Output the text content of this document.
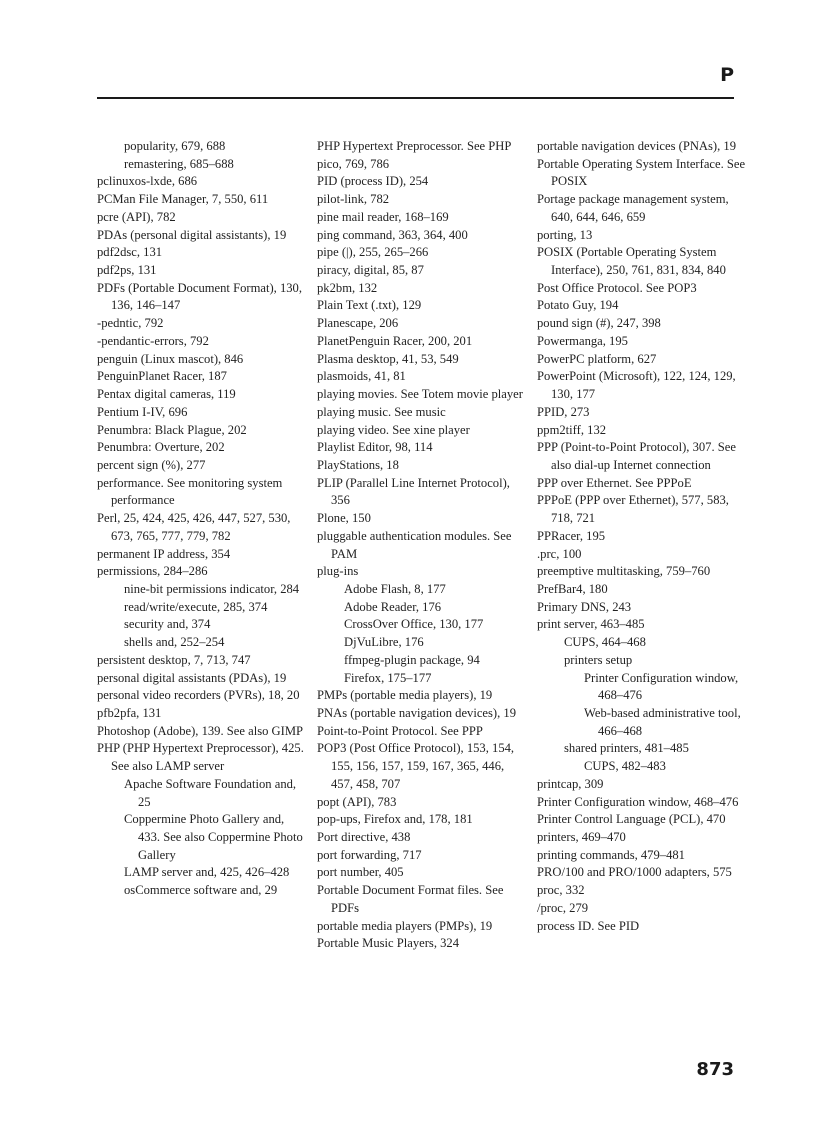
P
popularity, 679, 688
remastering, 685–688
pclinuxos-lxde, 686
PCMan File Manager, 7, 550, 611
pcre (API), 782
PDAs (personal digital assistants), 19
pdf2dsc, 131
pdf2ps, 131
PDFs (Portable Document Format), 130, 136, 146–147
-pedntic, 792
-pendantic-errors, 792
penguin (Linux mascot), 846
PenguinPlanet Racer, 187
Pentax digital cameras, 119
Pentium I-IV, 696
Penumbra: Black Plague, 202
Penumbra: Overture, 202
percent sign (%), 277
performance. See monitoring system performance
Perl, 25, 424, 425, 426, 447, 527, 530, 673, 765, 777, 779, 782
permanent IP address, 354
permissions, 284–286
nine-bit permissions indicator, 284
read/write/execute, 285, 374
security and, 374
shells and, 252–254
persistent desktop, 7, 713, 747
personal digital assistants (PDAs), 19
personal video recorders (PVRs), 18, 20
pfb2pfa, 131
Photoshop (Adobe), 139. See also GIMP
PHP (PHP Hypertext Preprocessor), 425. See also LAMP server
Apache Software Foundation and, 25
Coppermine Photo Gallery and, 433. See also Coppermine Photo Gallery
LAMP server and, 425, 426–428
osCommerce software and, 29
PHP Hypertext Preprocessor. See PHP
pico, 769, 786
PID (process ID), 254
pilot-link, 782
pine mail reader, 168–169
ping command, 363, 364, 400
pipe (|), 255, 265–266
piracy, digital, 85, 87
pk2bm, 132
Plain Text (.txt), 129
Planescape, 206
PlanetPenguin Racer, 200, 201
Plasma desktop, 41, 53, 549
plasmoids, 41, 81
playing movies. See Totem movie player
playing music. See music
playing video. See xine player
Playlist Editor, 98, 114
PlayStations, 18
PLIP (Parallel Line Internet Protocol), 356
Plone, 150
pluggable authentication modules. See PAM
plug-ins
Adobe Flash, 8, 177
Adobe Reader, 176
CrossOver Office, 130, 177
DjVuLibre, 176
ffmpeg-plugin package, 94
Firefox, 175–177
PMPs (portable media players), 19
PNAs (portable navigation devices), 19
Point-to-Point Protocol. See PPP
POP3 (Post Office Protocol), 153, 154, 155, 156, 157, 159, 167, 365, 446, 457, 458, 707
popt (API), 783
pop-ups, Firefox and, 178, 181
Port directive, 438
port forwarding, 717
port number, 405
Portable Document Format files. See PDFs
portable media players (PMPs), 19
Portable Music Players, 324
portable navigation devices (PNAs), 19
Portable Operating System Interface. See POSIX
Portage package management system, 640, 644, 646, 659
porting, 13
POSIX (Portable Operating System Interface), 250, 761, 831, 834, 840
Post Office Protocol. See POP3
Potato Guy, 194
pound sign (#), 247, 398
Powermanga, 195
PowerPC platform, 627
PowerPoint (Microsoft), 122, 124, 129, 130, 177
PPID, 273
ppm2tiff, 132
PPP (Point-to-Point Protocol), 307. See also dial-up Internet connection
PPP over Ethernet. See PPPoE
PPPoE (PPP over Ethernet), 577, 583, 718, 721
PPRacer, 195
.prc, 100
preemptive multitasking, 759–760
PrefBar4, 180
Primary DNS, 243
print server, 463–485
CUPS, 464–468
printers setup
Printer Configuration window, 468–476
Web-based administrative tool, 466–468
shared printers, 481–485
CUPS, 482–483
printcap, 309
Printer Configuration window, 468–476
Printer Control Language (PCL), 470
printers, 469–470
printing commands, 479–481
PRO/100 and PRO/1000 adapters, 575
proc, 332
/proc, 279
process ID. See PID
873
